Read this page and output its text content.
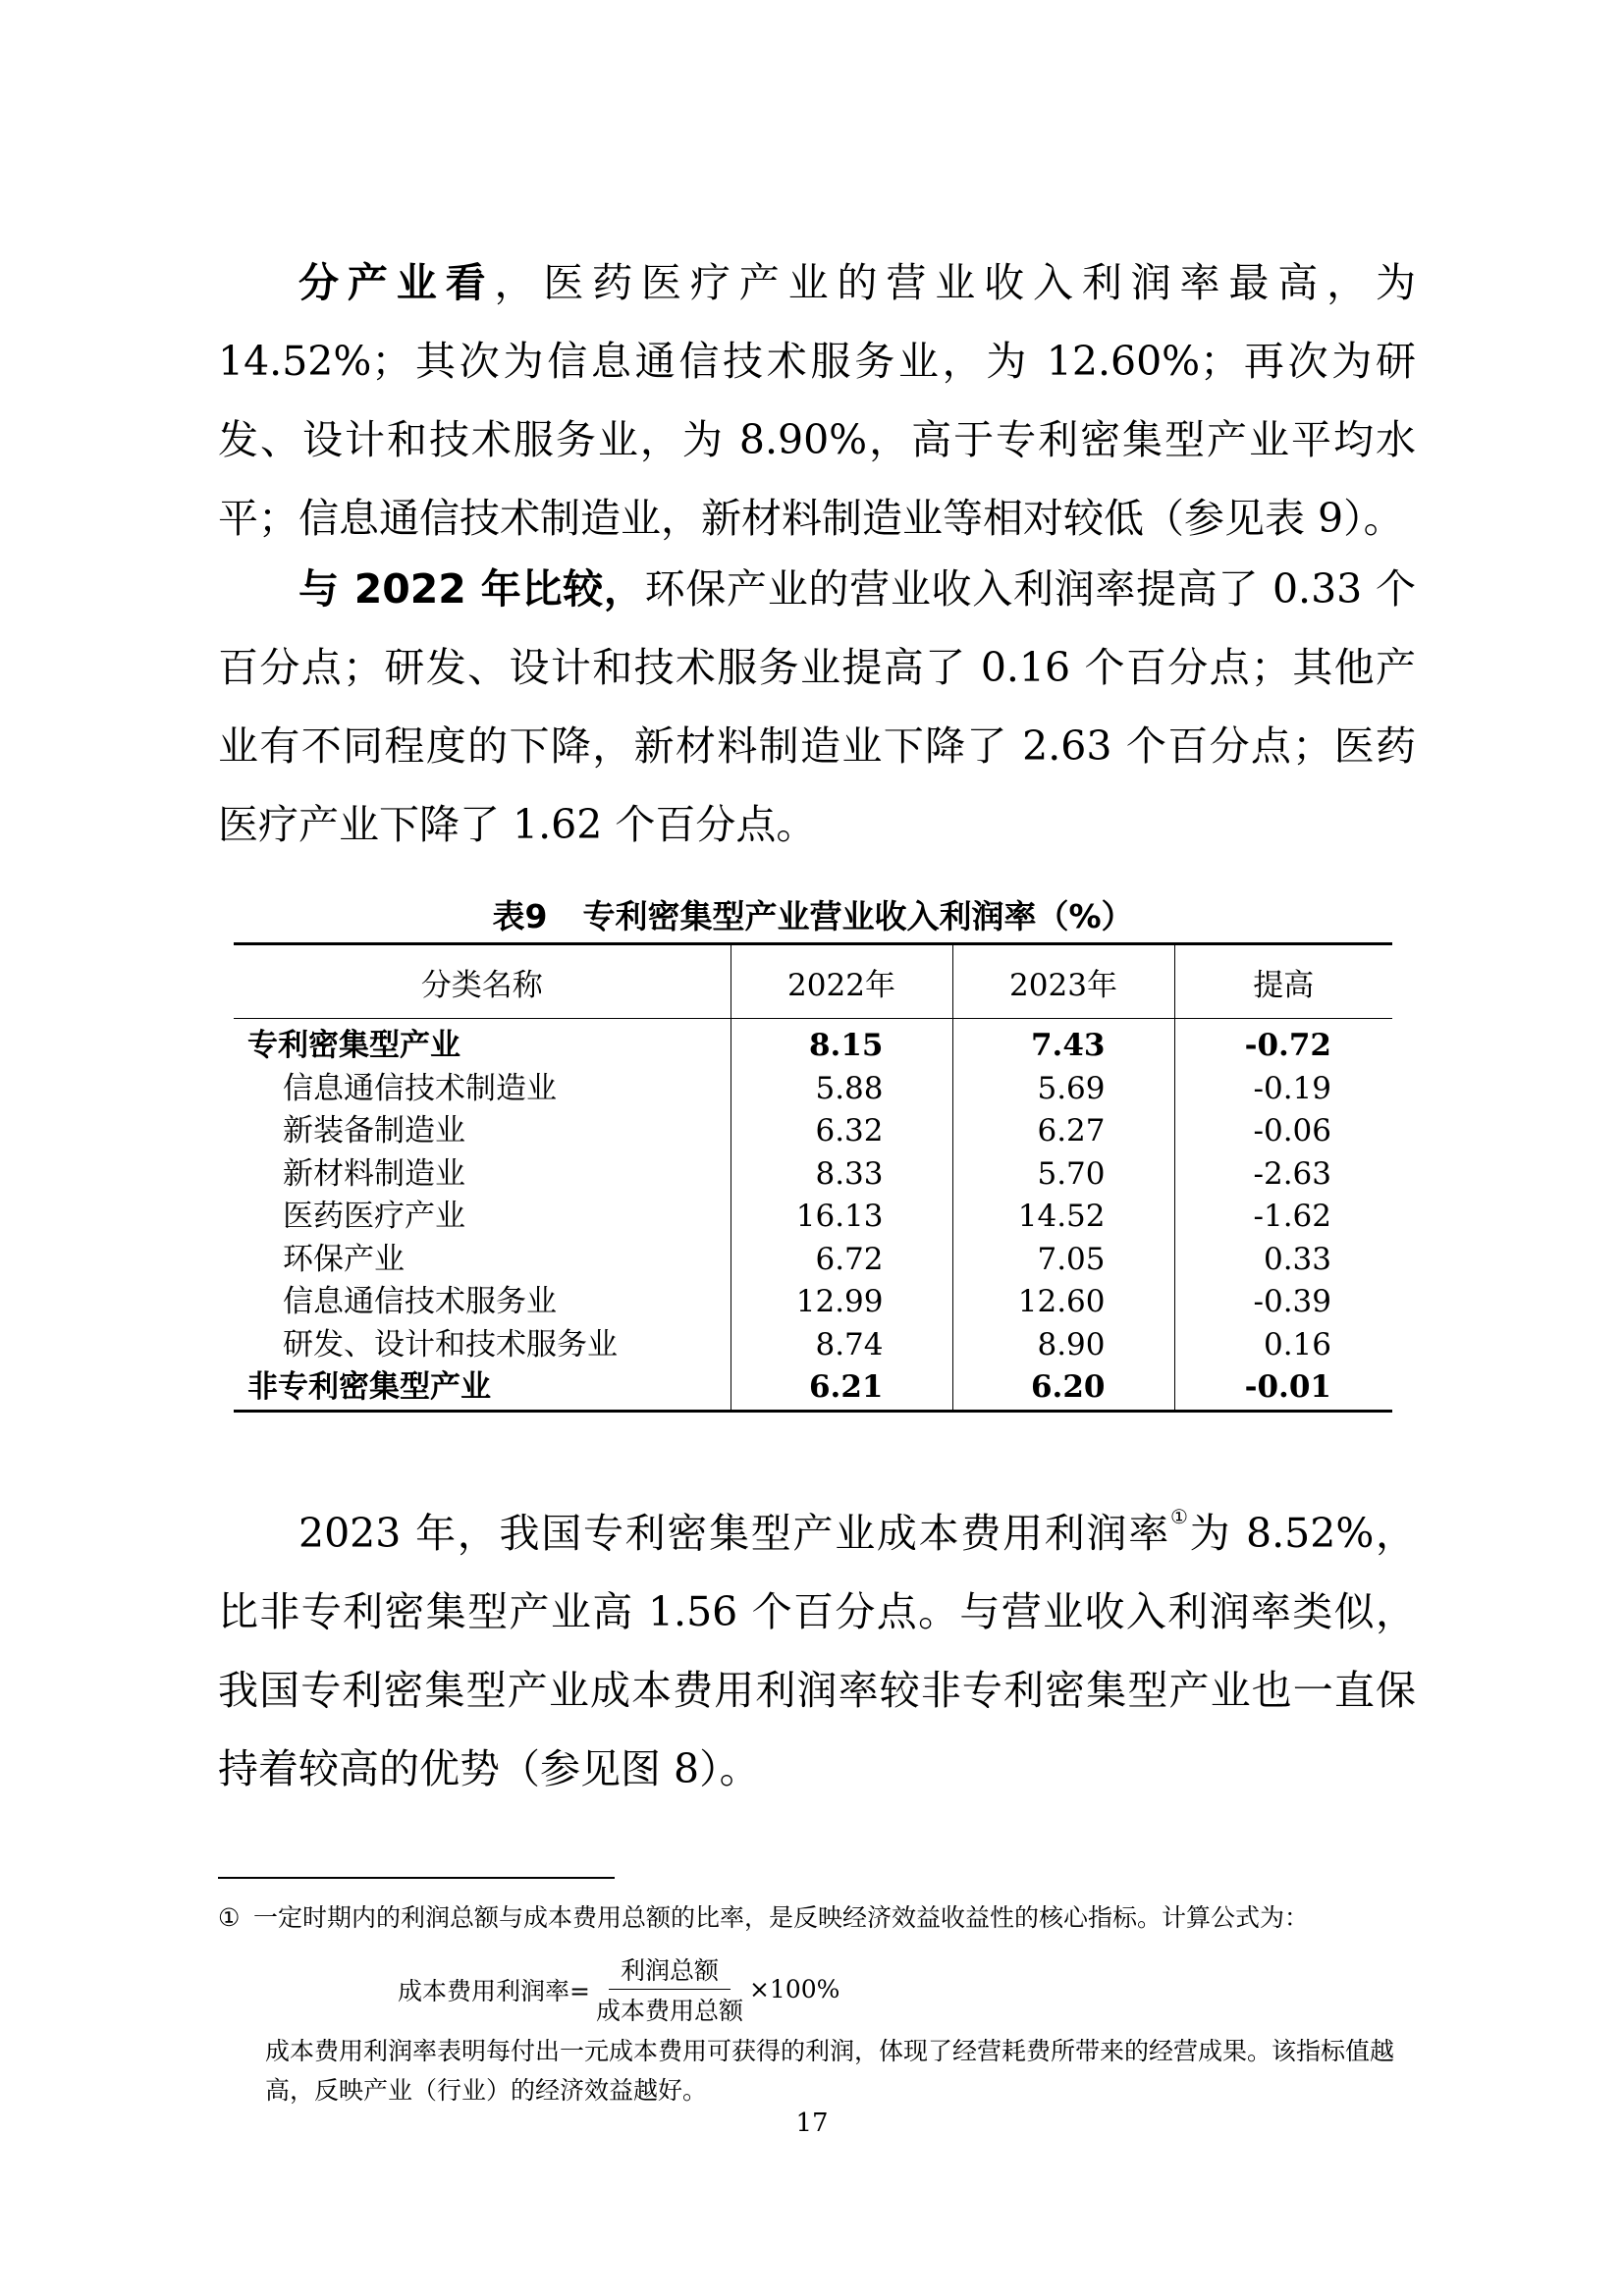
分产业看，医药医疗产业的营业收入利润率最高，为 14.52%；其次为信息通信技术服务业，为 12.60%；再次为研发、设计和技术服务业，为 8.90%，高于专利密集型产业平均水平；信息通信技术制造业，新材料制造业等相对较低（参见表 9）。

与 2022 年比较，环保产业的营业收入利润率提高了 0.33 个百分点；研发、设计和技术服务业提高了 0.16 个百分点；其他产业有不同程度的下降，新材料制造业下降了 2.63 个百分点；医药医疗产业下降了 1.62 个百分点。

表9 专利密集型产业营业收入利润率（%）
分类名称	2022年	2023年	提高
专利密集型产业	8.15	7.43	-0.72
信息通信技术制造业	5.88	5.69	-0.19
新装备制造业	6.32	6.27	-0.06
新材料制造业	8.33	5.70	-2.63
医药医疗产业	16.13	14.52	-1.62
环保产业	6.72	7.05	0.33
信息通信技术服务业	12.99	12.60	-0.39
研发、设计和技术服务业	8.74	8.90	0.16
非专利密集型产业	6.21	6.20	-0.01

2023 年，我国专利密集型产业成本费用利润率①为 8.52%，比非专利密集型产业高 1.56 个百分点。与营业收入利润率类似，我国专利密集型产业成本费用利润率较非专利密集型产业也一直保持着较高的优势（参见图 8）。

① 一定时期内的利润总额与成本费用总额的比率，是反映经济效益收益性的核心指标。计算公式为：
成本费用利润率= $\frac{\text{利润总额}}{\text{成本费用总额}} \times 100\%$
成本费用利润率表明每付出一元成本费用可获得的利润，体现了经营耗费所带来的经营成果。该指标值越高，反映产业（行业）的经济效益越好。
17
